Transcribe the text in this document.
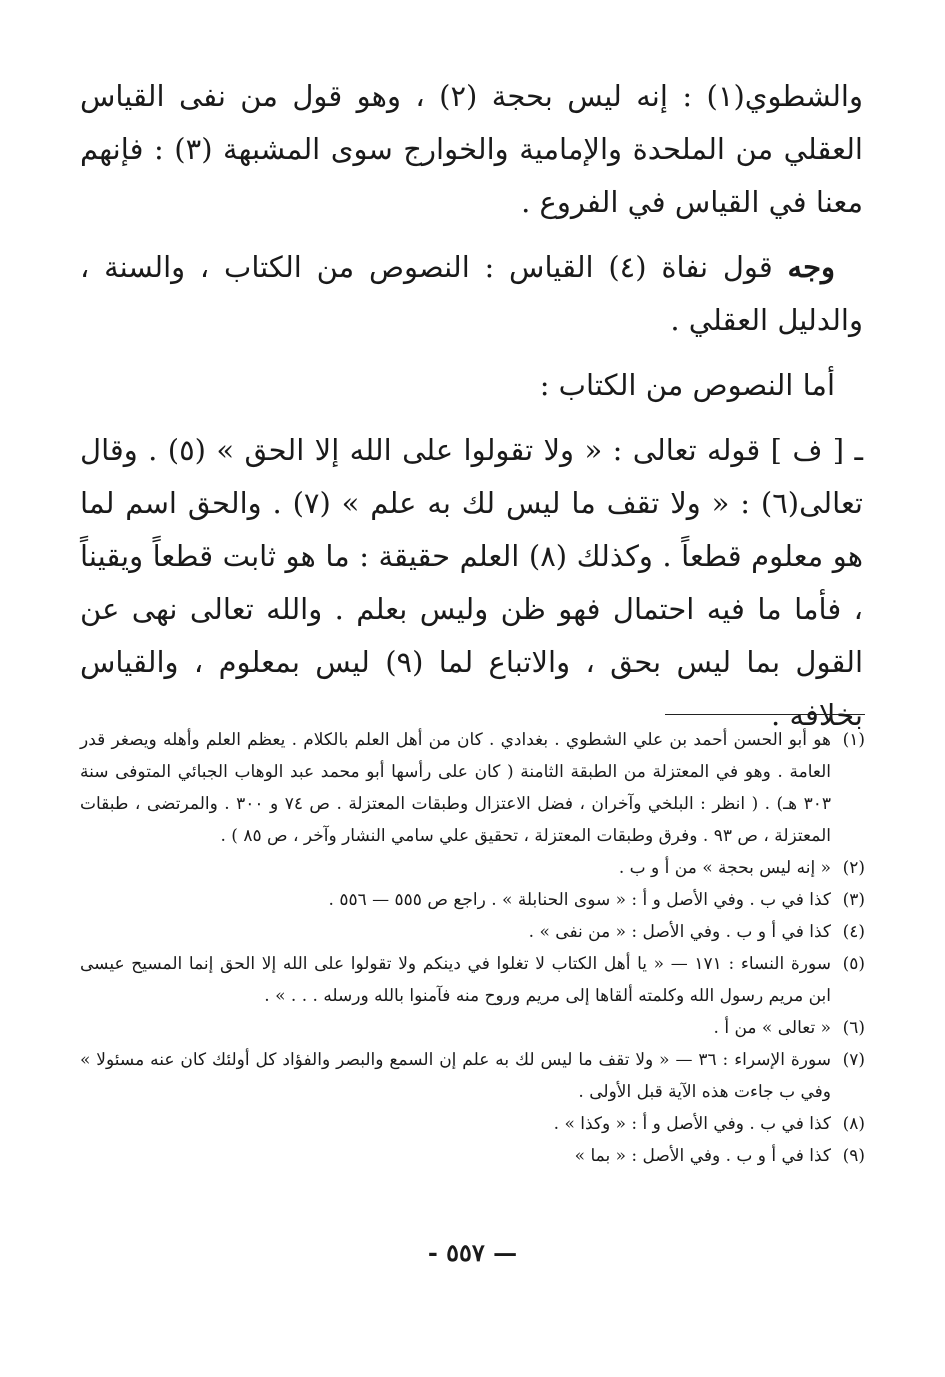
والشطوي(١) : إنه ليس بحجة (٢) ، وهو قول من نفى القياس العقلي من الملحدة والإمامية والخوارج سوى المشبهة (٣) : فإنهم معنا في القياس في الفروع .

وجه قول نفاة (٤) القياس : النصوص من الكتاب ، والسنة ، والدليل العقلي .

أما النصوص من الكتاب :

ـ [ ف ] قوله تعالى : « ولا تقولوا على الله إلا الحق » (٥) . وقال تعالى(٦) : « ولا تقف ما ليس لك به علم » (٧) . والحق اسم لما هو معلوم قطعاً . وكذلك (٨) العلم حقيقة : ما هو ثابت قطعاً ويقيناً ، فأما ما فيه احتمال فهو ظن وليس بعلم . والله تعالى نهى عن القول بما ليس بحق ، والاتباع لما (٩) ليس بمعلوم ، والقياس بخلافه .

(١)
هو أبو الحسن أحمد بن علي الشطوي . بغدادي . كان من أهل العلم بالكلام . يعظم العلم وأهله ويصغر قدر العامة . وهو في المعتزلة من الطبقة الثامنة ( كان على رأسها أبو محمد عبد الوهاب الجبائي المتوفى سنة ٣٠٣ هـ) . ( انظر : البلخي وآخران ، فضل الاعتزال وطبقات المعتزلة . ص ٧٤ و ٣٠٠ . والمرتضى ، طبقات المعتزلة ، ص ٩٣ . وفرق وطبقات المعتزلة ، تحقيق علي سامي النشار وآخر ، ص ٨٥ ) .
(٢)
« إنه ليس بحجة » من أ و ب .
(٣)
كذا في ب . وفي الأصل و أ : « سوى الحنابلة » . راجع ص ٥٥٥ — ٥٥٦ .
(٤)
كذا في أ و ب . وفي الأصل : « من نفى » .
(٥)
سورة النساء : ١٧١ — « يا أهل الكتاب لا تغلوا في دينكم ولا تقولوا على الله إلا الحق إنما المسيح عيسى ابن مريم رسول الله وكلمته ألقاها إلى مريم وروح منه فآمنوا بالله ورسله . . . » .
(٦)
« تعالى » من أ .
(٧)
سورة الإسراء : ٣٦ — « ولا تقف ما ليس لك به علم إن السمع والبصر والفؤاد كل أولئك كان عنه مسئولا » وفي ب جاءت هذه الآية قبل الأولى .
(٨)
كذا في ب . وفي الأصل و أ : « وكذا » .
(٩)
كذا في أ و ب . وفي الأصل : « بما »
— ٥٥٧ -
